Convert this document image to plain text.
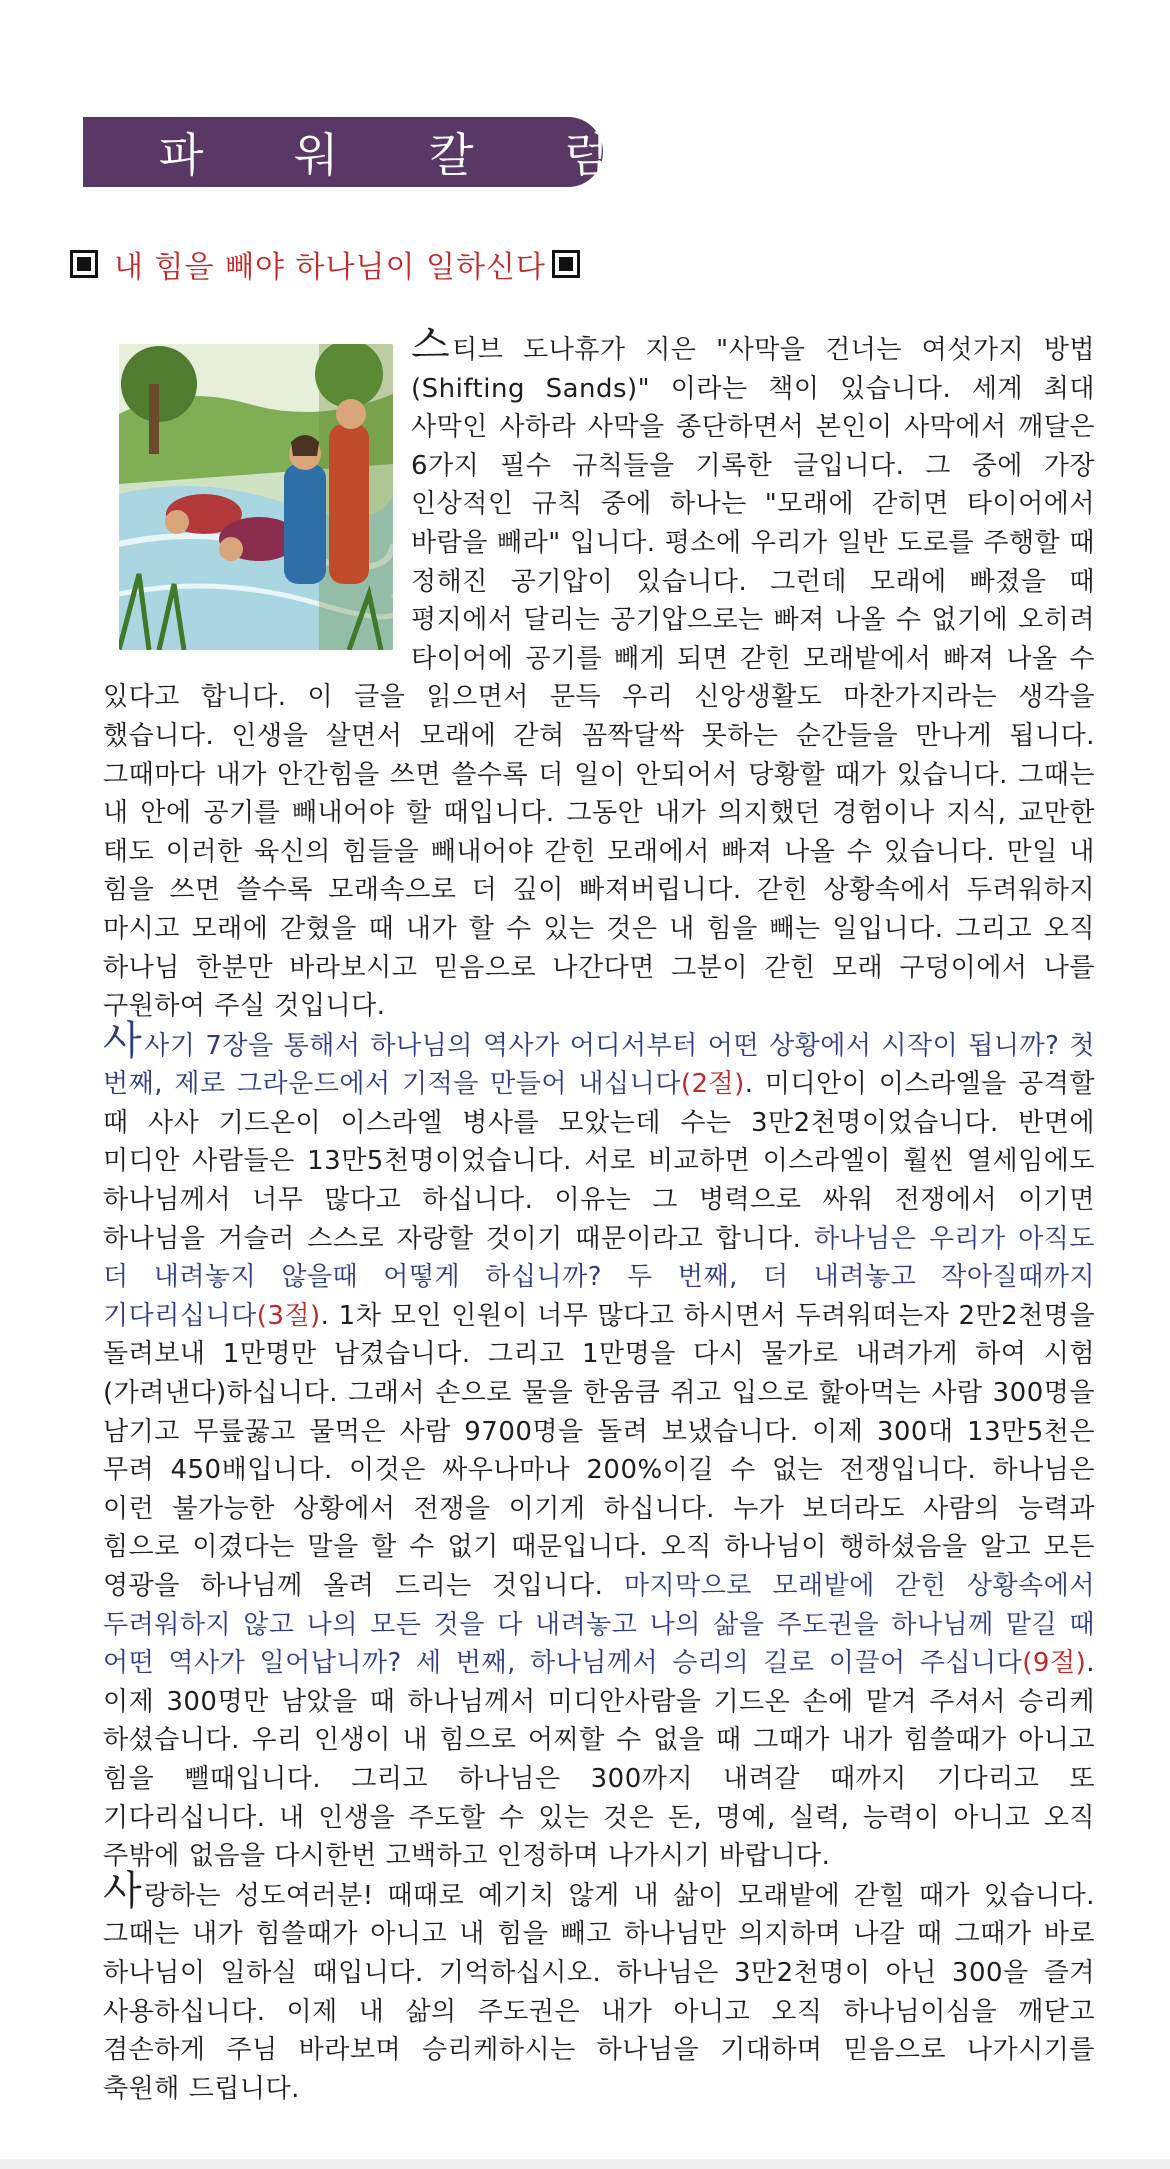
파 워 칼 럼
내 힘을 빼야 하나님이 일하신다

스티브 도나휴가 지은 "사막을 건너는 여섯가지 방법(Shifting Sands)" 이라는 책이 있습니다. 세계 최대 사막인 사하라 사막을 종단하면서 본인이 사막에서 깨달은 6가지 필수 규칙들을 기록한 글입니다. 그 중에 가장 인상적인 규칙 중에 하나는 "모래에 갇히면 타이어에서 바람을 빼라" 입니다. 평소에 우리가 일반 도로를 주행할 때 정해진 공기압이 있습니다. 그런데 모래에 빠졌을 때 평지에서 달리는 공기압으로는 빠져 나올 수 없기에 오히려 타이어에 공기를 빼게 되면 갇힌 모래밭에서 빠져 나올 수 있다고 합니다. 이 글을 읽으면서 문득 우리 신앙생활도 마찬가지라는 생각을 했습니다. 인생을 살면서 모래에 갇혀 꼼짝달싹 못하는 순간들을 만나게 됩니다. 그때마다 내가 안간힘을 쓰면 쓸수록 더 일이 안되어서 당황할 때가 있습니다. 그때는 내 안에 공기를 빼내어야 할 때입니다. 그동안 내가 의지했던 경험이나 지식, 교만한 태도 이러한 육신의 힘들을 빼내어야 갇힌 모래에서 빠져 나올 수 있습니다. 만일 내 힘을 쓰면 쓸수록 모래속으로 더 깊이 빠져버립니다. 갇힌 상황속에서 두려워하지 마시고 모래에 갇혔을 때 내가 할 수 있는 것은 내 힘을 빼는 일입니다. 그리고 오직 하나님 한분만 바라보시고 믿음으로 나간다면 그분이 갇힌 모래 구덩이에서 나를 구원하여 주실 것입니다.

사사기 7장을 통해서 하나님의 역사가 어디서부터 어떤 상황에서 시작이 됩니까? 첫 번째, 제로 그라운드에서 기적을 만들어 내십니다(2절). 미디안이 이스라엘을 공격할 때 사사 기드온이 이스라엘 병사를 모았는데 수는 3만2천명이었습니다. 반면에 미디안 사람들은 13만5천명이었습니다. 서로 비교하면 이스라엘이 훨씬 열세임에도 하나님께서 너무 많다고 하십니다. 이유는 그 병력으로 싸워 전쟁에서 이기면 하나님을 거슬러 스스로 자랑할 것이기 때문이라고 합니다. 하나님은 우리가 아직도 더 내려놓지 않을때 어떻게 하십니까? 두 번째, 더 내려놓고 작아질때까지 기다리십니다(3절). 1차 모인 인원이 너무 많다고 하시면서 두려워떠는자 2만2천명을 돌려보내 1만명만 남겼습니다. 그리고 1만명을 다시 물가로 내려가게 하여 시험(가려낸다)하십니다. 그래서 손으로 물을 한움큼 쥐고 입으로 핥아먹는 사람 300명을 남기고 무릎꿇고 물먹은 사람 9700명을 돌려 보냈습니다. 이제 300대 13만5천은 무려 450배입니다. 이것은 싸우나마나 200%이길 수 없는 전쟁입니다. 하나님은 이런 불가능한 상황에서 전쟁을 이기게 하십니다. 누가 보더라도 사람의 능력과 힘으로 이겼다는 말을 할 수 없기 때문입니다. 오직 하나님이 행하셨음을 알고 모든 영광을 하나님께 올려 드리는 것입니다. 마지막으로 모래밭에 갇힌 상황속에서 두려워하지 않고 나의 모든 것을 다 내려놓고 나의 삶을 주도권을 하나님께 맡길 때 어떤 역사가 일어납니까? 세 번째, 하나님께서 승리의 길로 이끌어 주십니다(9절). 이제 300명만 남았을 때 하나님께서 미디안사람을 기드온 손에 맡겨 주셔서 승리케 하셨습니다. 우리 인생이 내 힘으로 어찌할 수 없을 때 그때가 내가 힘쓸때가 아니고 힘을 뺄때입니다. 그리고 하나님은 300까지 내려갈 때까지 기다리고 또 기다리십니다. 내 인생을 주도할 수 있는 것은 돈, 명예, 실력, 능력이 아니고 오직 주밖에 없음을 다시한번 고백하고 인정하며 나가시기 바랍니다.

사랑하는 성도여러분! 때때로 예기치 않게 내 삶이 모래밭에 갇힐 때가 있습니다. 그때는 내가 힘쓸때가 아니고 내 힘을 빼고 하나님만 의지하며 나갈 때 그때가 바로 하나님이 일하실 때입니다. 기억하십시오. 하나님은 3만2천명이 아닌 300을 즐겨 사용하십니다. 이제 내 삶의 주도권은 내가 아니고 오직 하나님이심을 깨닫고 겸손하게 주님 바라보며 승리케하시는 하나님을 기대하며 믿음으로 나가시기를 축원해 드립니다.
